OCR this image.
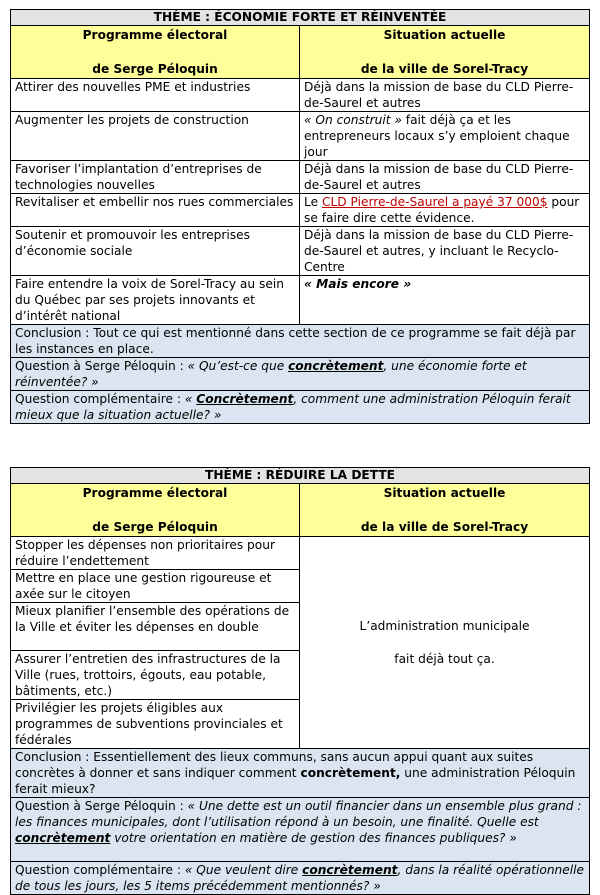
THÈME : ÉCONOMIE FORTE ET RÉINVENTÉE	

Programme électoral
de Serge Péloquin	Situation actuelle
de la ville de Sorel-Tracy

Attirer des nouvelles PME et industries	Déjà dans la mission de base du CLD Pierre-de-Saurel et autres
Augmenter les projets de construction	« On construit » fait déjà ça et les entrepreneurs locaux s’y emploient chaque jour
Favoriser l’implantation d’entreprises de technologies nouvelles	Déjà dans la mission de base du CLD Pierre-de-Saurel et autres
Revitaliser et embellir nos rues commerciales	Le CLD Pierre-de-Saurel a payé 37 000$ pour se faire dire cette évidence.
Soutenir et promouvoir les entreprises d’économie sociale	Déjà dans la mission de base du CLD Pierre-de-Saurel et autres, y incluant le Recyclo-Centre
Faire entendre la voix de Sorel-Tracy au sein du Québec par ses projets innovants et d’intérêt national	« Mais encore »
Conclusion : Tout ce qui est mentionné dans cette section de ce programme se fait déjà par les instances en place.	
Question à Serge Péloquin : « Qu’est-ce que concrètement, une économie forte et réinventée? »	
Question complémentaire : « Concrètement, comment une administration Péloquin ferait mieux que la situation actuelle? »	
THÈME : RÉDUIRE LA DETTE	

Programme électoral
de Serge Péloquin	Situation actuelle
de la ville de Sorel-Tracy

Stopper les dépenses non prioritaires pour réduire l’endettement	L’administration municipale
fait déjà tout ça.

Mettre en place une gestion rigoureuse et axée sur le citoyen	
Mieux planifier l’ensemble des opérations de la Ville et éviter les dépenses en double	
Assurer l’entretien des infrastructures de la Ville (rues, trottoirs, égouts, eau potable, bâtiments, etc.)	
Privilégier les projets éligibles aux programmes de subventions provinciales et fédérales	
Conclusion : Essentiellement des lieux communs, sans aucun appui quant aux suites concrètes à donner et sans indiquer comment concrètement, une administration Péloquin ferait mieux?	
Question à Serge Péloquin : « Une dette est un outil financier dans un ensemble plus grand : les finances municipales, dont l’utilisation répond à un besoin, une finalité. Quelle est concrètement votre orientation en matière de gestion des finances publiques? »	
Question complémentaire : « Que veulent dire concrètement, dans la réalité opérationnelle de tous les jours, les 5 items précédemment mentionnés? »	
